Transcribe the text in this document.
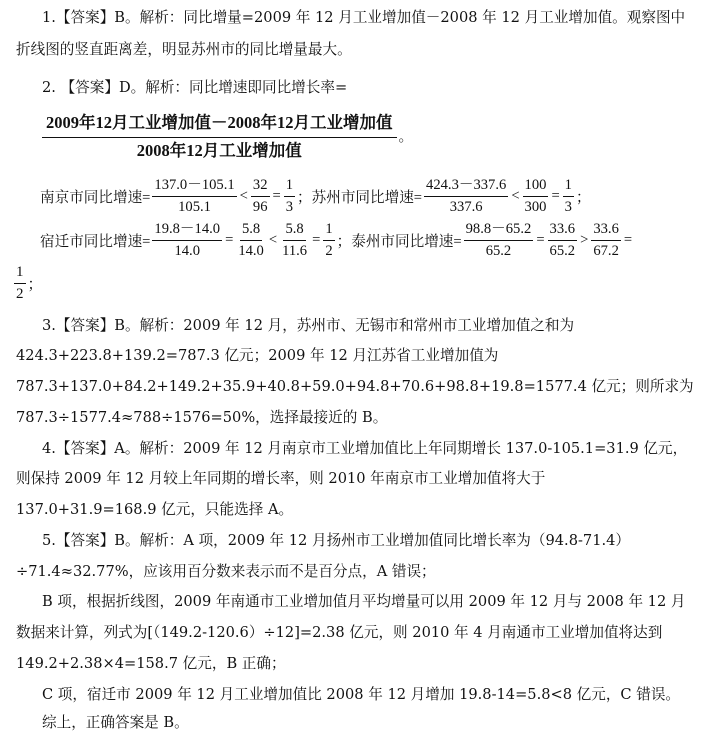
1.【答案】B。解析：同比增量=2009 年 12 月工业增加值－2008 年 12 月工业增加值。观察图中
折线图的竖直距离差，明显苏州市的同比增量最大。
2. 【答案】D。解析：同比增速即同比增长率=
$\frac{\text{2009年12月工业增加值－2008年12月工业增加值}}{\text{2008年12月工业增加值}}$ 。
南京市同比增速= $\frac{137.0-105.1}{105.1} < \frac{32}{96} = \frac{1}{3}$ ； 苏州市同比增速= $\frac{424.3-337.6}{337.6} < \frac{100}{300} = \frac{1}{3}$ ；
宿迁市同比增速= $\frac{19.8-14.0}{14.0} = \frac{5.8}{14.0} < \frac{5.8}{11.6} = \frac{1}{2}$ ； 泰州市同比增速= $\frac{98.8-65.2}{65.2} = \frac{33.6}{65.2} > \frac{33.6}{67.2}$ =
$\frac{1}{2}$ ；
3.【答案】B。解析：2009 年 12 月，苏州市、无锡市和常州市工业增加值之和为
424.3+223.8+139.2=787.3 亿元；2009 年 12 月江苏省工业增加值为
787.3+137.0+84.2+149.2+35.9+40.8+59.0+94.8+70.6+98.8+19.8=1577.4 亿元；则所求为
787.3÷1577.4≈788÷1576=50%，选择最接近的 B。
4.【答案】A。解析：2009 年 12 月南京市工业增加值比上年同期增长 137.0-105.1=31.9 亿元，
则保持 2009 年 12 月较上年同期的增长率，则 2010 年南京市工业增加值将大于
137.0+31.9=168.9 亿元，只能选择 A。
5.【答案】B。解析：A 项，2009 年 12 月扬州市工业增加值同比增长率为（94.8-71.4）
÷71.4≈32.77%，应该用百分数来表示而不是百分点，A 错误；
B 项，根据折线图，2009 年南通市工业增加值月平均增量可以用 2009 年 12 月与 2008 年 12 月
数据来计算，列式为[（149.2-120.6）÷12]=2.38 亿元，则 2010 年 4 月南通市工业增加值将达到
149.2+2.38×4=158.7 亿元，B 正确；
C 项，宿迁市 2009 年 12 月工业增加值比 2008 年 12 月增加 19.8-14=5.8<8 亿元，C 错误。
综上，正确答案是 B。
